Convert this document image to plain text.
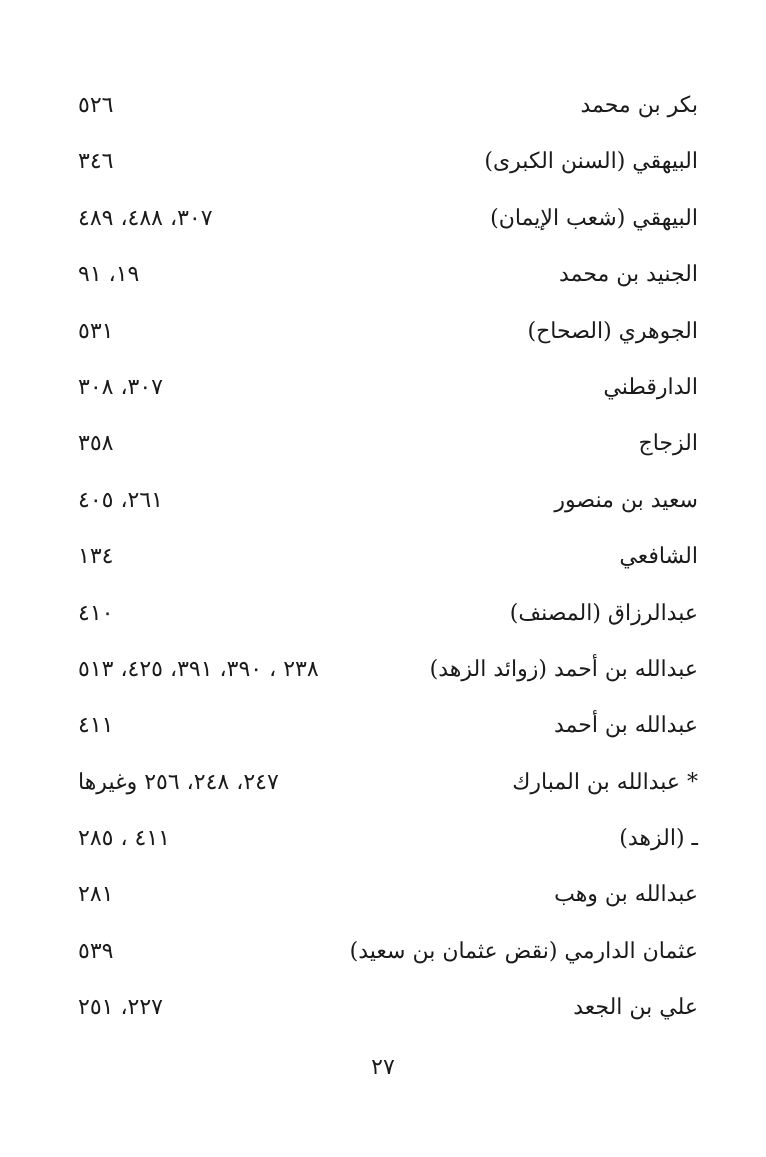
بكر بن محمد
٥٢٦
البيهقي (السنن الكبرى)
٣٤٦
البيهقي (شعب الإيمان)
٣٠٧، ٤٨٨، ٤٨٩
الجنيد بن محمد
١٩، ٩١
الجوهري (الصحاح)
٥٣١
الدارقطني
٣٠٧، ٣٠٨
الزجاج
٣٥٨
سعيد بن منصور
٢٦١، ٤٠٥
الشافعي
١٣٤
عبدالرزاق (المصنف)
٤١٠
عبدالله بن أحمد (زوائد الزهد)
٢٣٨ ، ٣٩٠، ٣٩١، ٤٢٥، ٥١٣
عبدالله بن أحمد
٤١١
* عبدالله بن المبارك
٢٤٧، ٢٤٨، ٢٥٦ وغيرها
ـ (الزهد)
٤١١ ، ٢٨٥
عبدالله بن وهب
٢٨١
عثمان الدارمي (نقض عثمان بن سعيد)
٥٣٩
علي بن الجعد
٢٢٧، ٢٥١
٢٧
